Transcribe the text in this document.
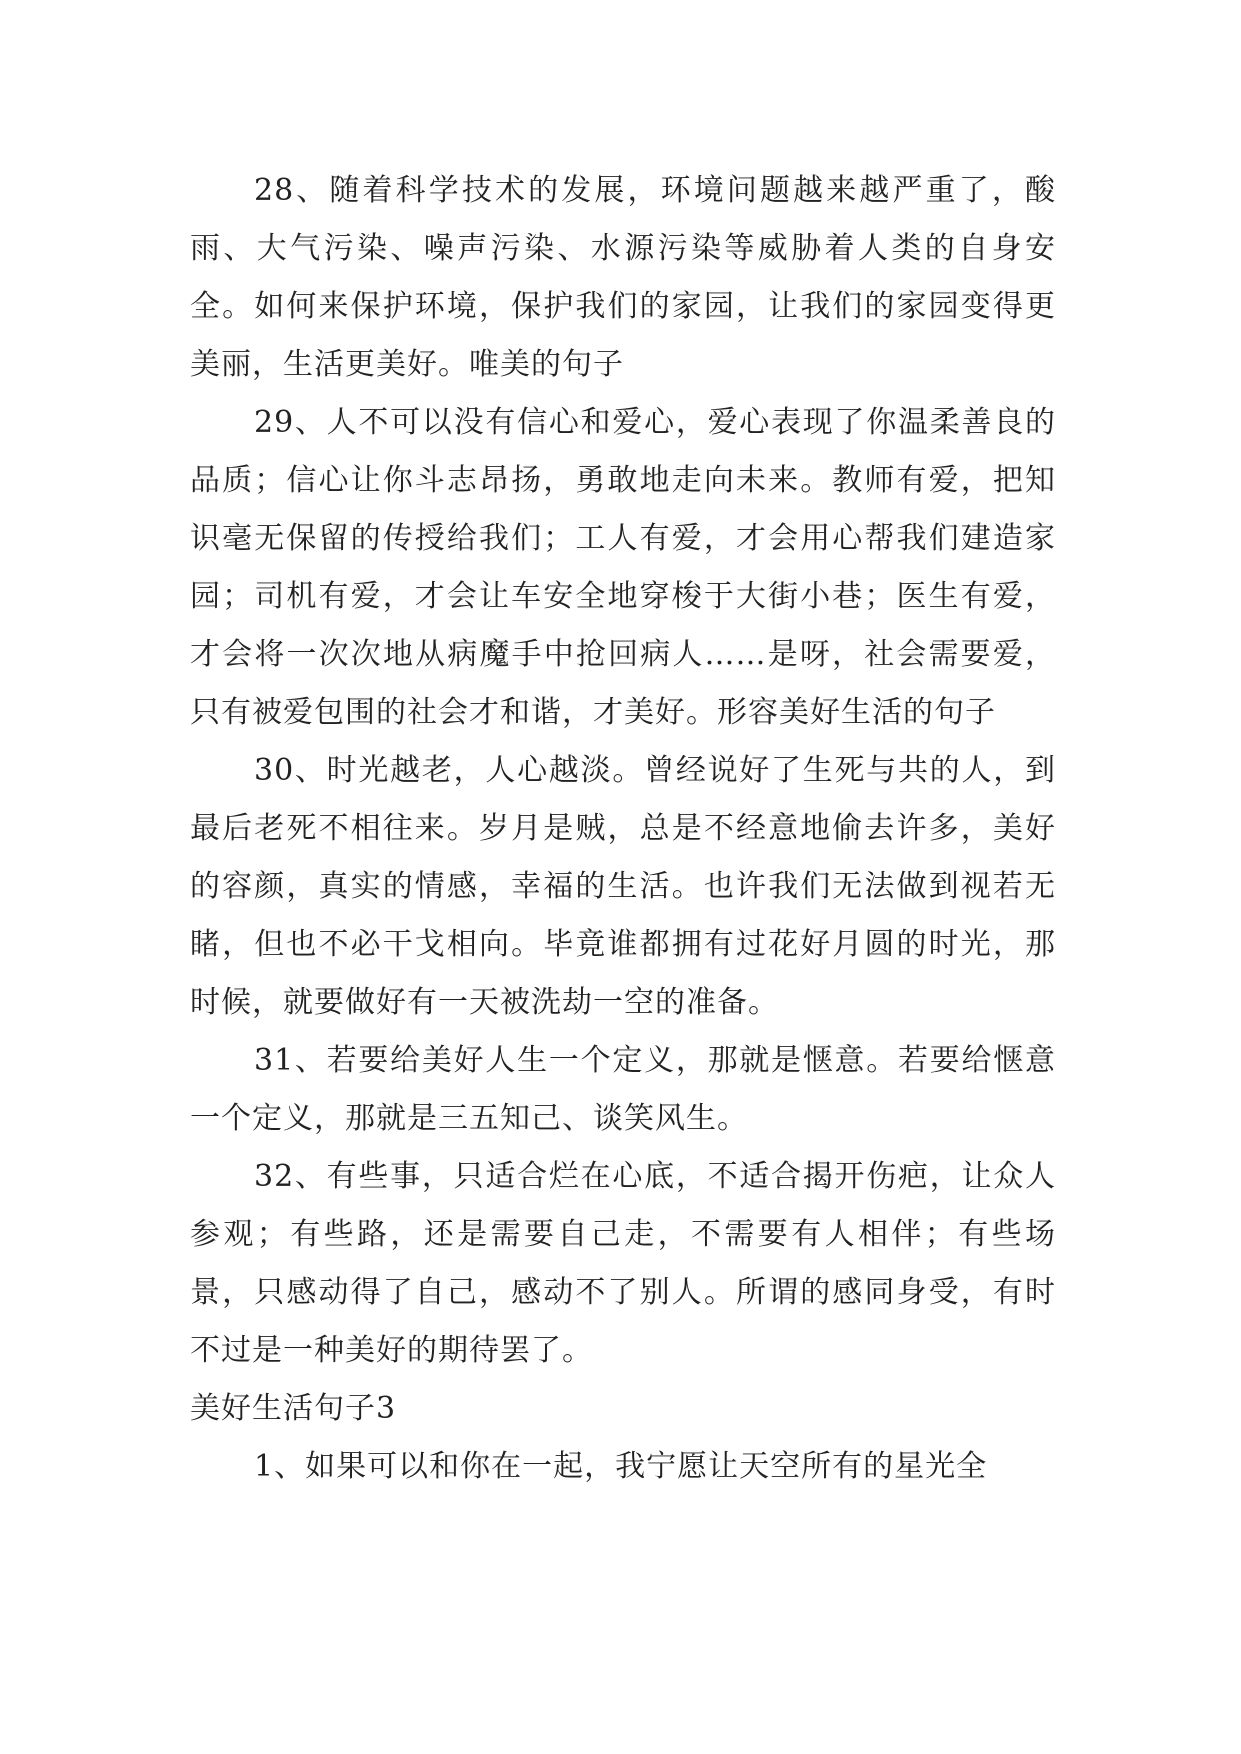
28、随着科学技术的发展，环境问题越来越严重了，酸雨、大气污染、噪声污染、水源污染等威胁着人类的自身安全。如何来保护环境，保护我们的家园，让我们的家园变得更美丽，生活更美好。唯美的句子

29、人不可以没有信心和爱心，爱心表现了你温柔善良的品质；信心让你斗志昂扬，勇敢地走向未来。教师有爱，把知识毫无保留的传授给我们；工人有爱，才会用心帮我们建造家园；司机有爱，才会让车安全地穿梭于大街小巷；医生有爱，才会将一次次地从病魔手中抢回病人……是呀，社会需要爱，只有被爱包围的社会才和谐，才美好。形容美好生活的句子

30、时光越老，人心越淡。曾经说好了生死与共的人，到最后老死不相往来。岁月是贼，总是不经意地偷去许多，美好的容颜，真实的情感，幸福的生活。也许我们无法做到视若无睹，但也不必干戈相向。毕竟谁都拥有过花好月圆的时光，那时候，就要做好有一天被洗劫一空的准备。

31、若要给美好人生一个定义，那就是惬意。若要给惬意一个定义，那就是三五知己、谈笑风生。

32、有些事，只适合烂在心底，不适合揭开伤疤，让众人参观；有些路，还是需要自己走，不需要有人相伴；有些场景，只感动得了自己，感动不了别人。所谓的感同身受，有时不过是一种美好的期待罢了。

美好生活句子3

1、如果可以和你在一起，我宁愿让天空所有的星光全
